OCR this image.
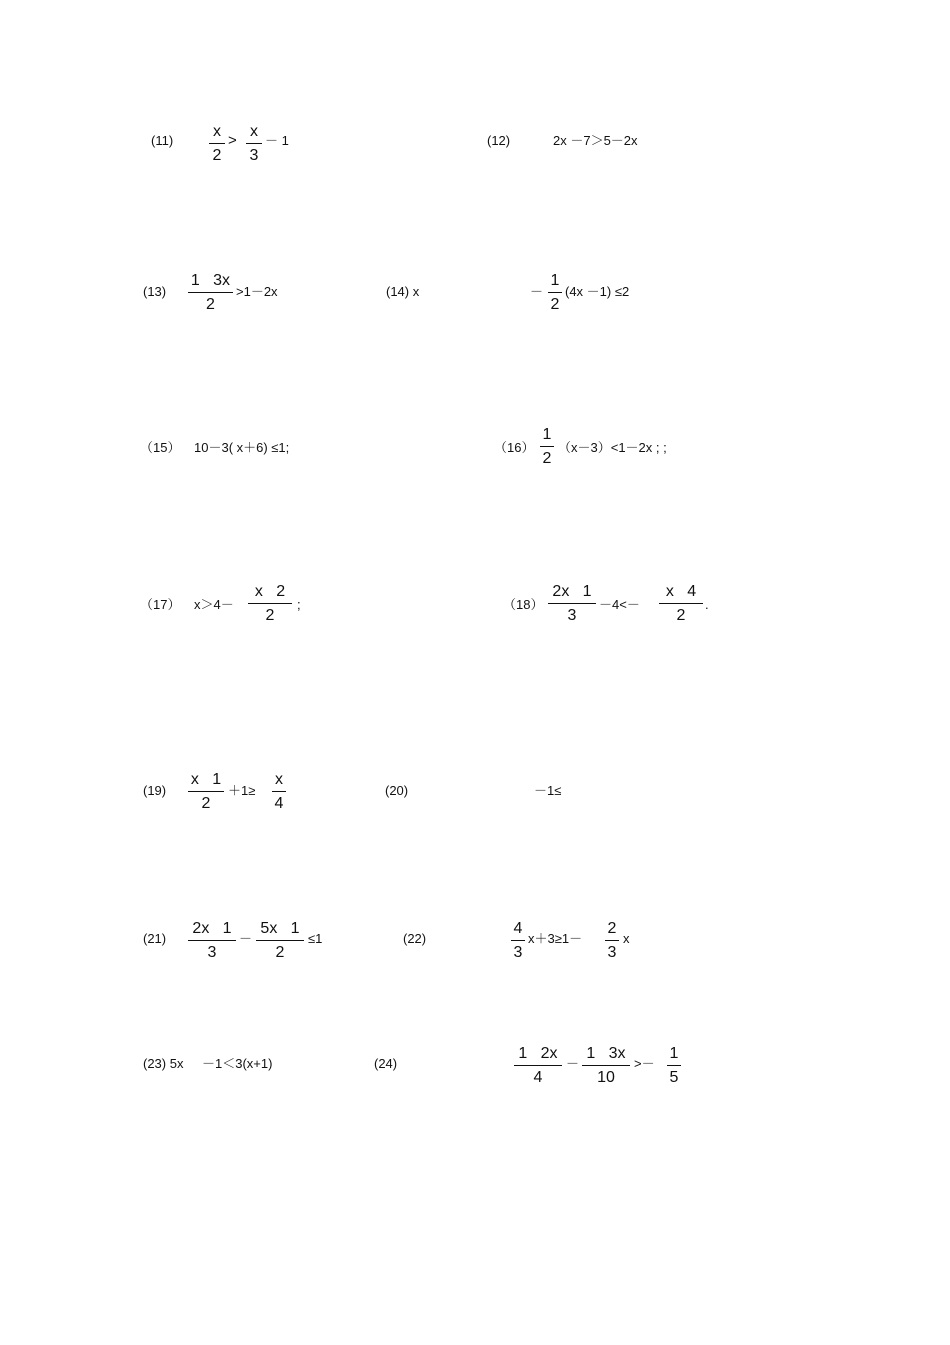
(11)
x
2
>
x
3
－ 1	(12)	2x －7＞5－2x
(13)
1   3x
2
>1－2x	(14) x	－
1
2
(4x －1) ≤2
（15） 10－3( x＋6) ≤1;	（16）
1
2
（x－3）<1－2x ; ;
（17） x＞4－
x   2
2
;	（18）
2x   1
3
－4<－
x   4
2
.
(19)
x   1
2
＋1≥
x
4
(20)	－1≤
(21)
2x   1
3
－
5x   1
2
≤1	(22)
4
3
x＋3≥1－
2
3
x
(23) 5x －1＜3(x+1)	(24)
1   2x
4
－
1   3x
10
>－
1
5
